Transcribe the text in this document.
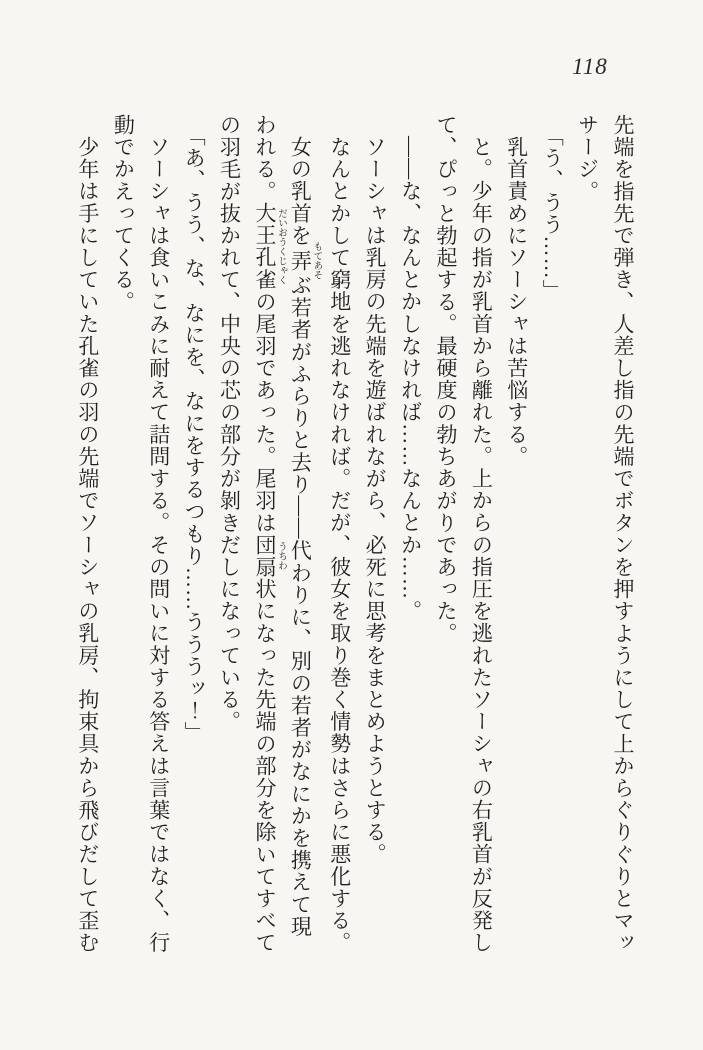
118

先端を指先で弾き、人差し指の先端でボタンを押すようにして上からぐりぐりとマッサージ。

「う、うう……」

乳首責めにソーシャは苦悩する。

と。少年の指が乳首から離れた。上からの指圧を逃れたソーシャの右乳首が反発して、ぴっと勃起する。最硬度の勃ちあがりであった。

――な、なんとかしなければ……なんとか……。

ソーシャは乳房の先端を遊ばれながら、必死に思考をまとめようとする。

なんとかして窮地を逃れなければ。だが、彼女を取り巻く情勢はさらに悪化する。

女の乳首を弄 もてあそぶ若者がふらりと去り――代わりに、別の若者がなにかを携えて現われる。大王孔雀 だいおうくじゃくの尾羽であった。尾羽は団扇 うちわ状になった先端の部分を除いてすべての羽毛が抜かれて、中央の芯の部分が剝きだしになっている。

「あ、うう、な、なにを、なにをするつもり……うううッ！」

ソーシャは食いこみに耐えて詰問する。その問いに対する答えは言葉ではなく、行動でかえってくる。

少年は手にしていた孔雀の羽の先端でソーシャの乳房、拘束具から飛びだして歪む
